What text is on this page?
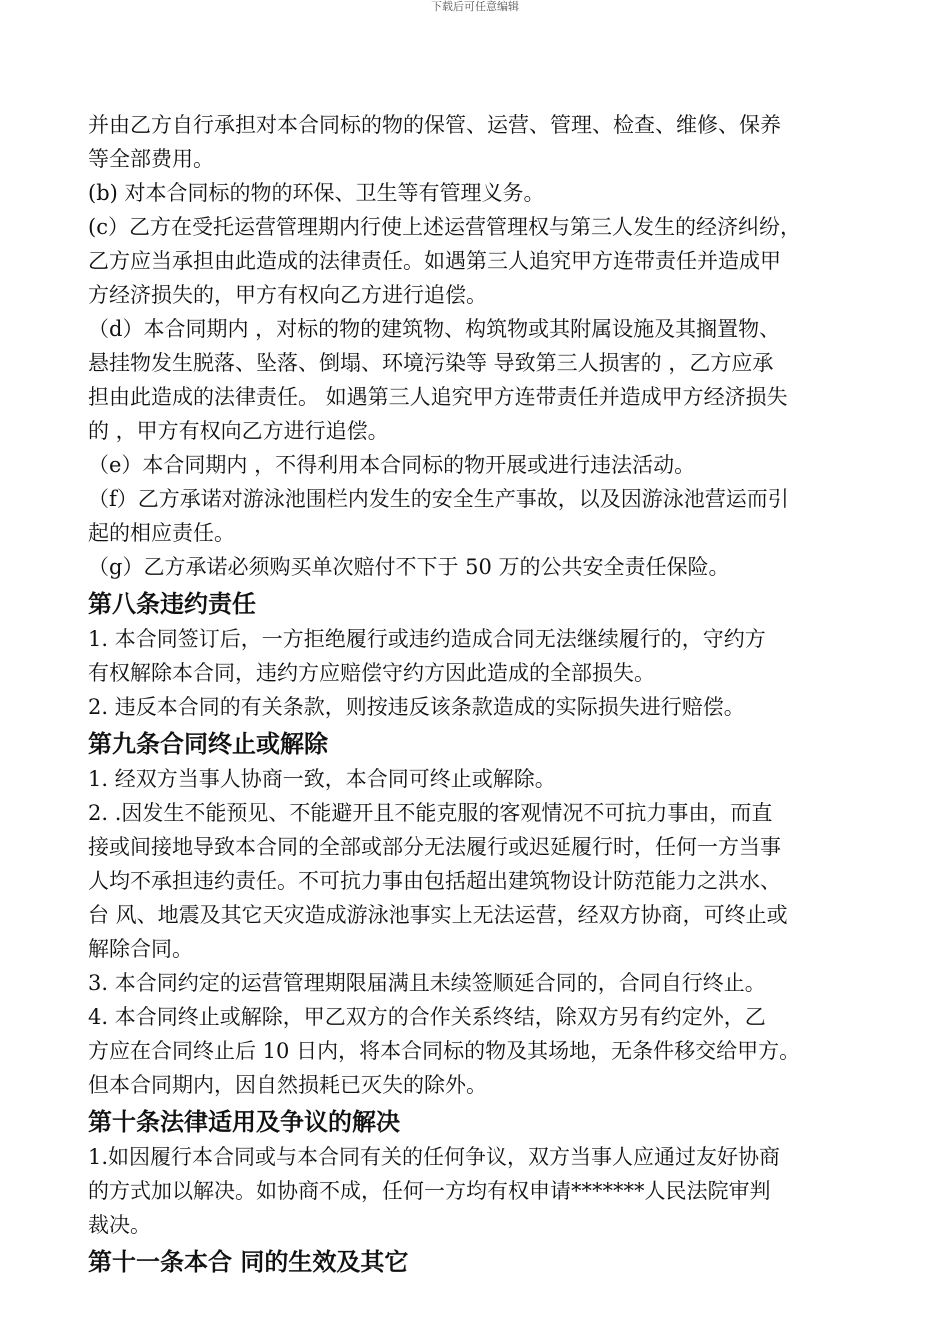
下载后可任意编辑

并由乙方自行承担对本合同标的物的保管、运营、管理、检查、维修、保养

等全部费用。

(b) 对本合同标的物的环保、卫生等有管理义务。

(c）乙方在受托运营管理期内行使上述运营管理权与第三人发生的经济纠纷，

乙方应当承担由此造成的法律责任。如遇第三人追究甲方连带责任并造成甲

方经济损失的，甲方有权向乙方进行追偿。

（d）本合同期内 ，对标的物的建筑物、构筑物或其附属设施及其搁置物、

悬挂物发生脱落、坠落、倒塌、环境污染等 导致第三人损害的 ，乙方应承

担由此造成的法律责任。 如遇第三人追究甲方连带责任并造成甲方经济损失

的 ，甲方有权向乙方进行追偿。

（e）本合同期内 ，不得利用本合同标的物开展或进行违法活动。

（f）乙方承诺对游泳池围栏内发生的安全生产事故，以及因游泳池营运而引

起的相应责任。

（g）乙方承诺必须购买单次赔付不下于 50 万的公共安全责任保险。

第八条违约责任

1. 本合同签订后，一方拒绝履行或违约造成合同无法继续履行的，守约方

有权解除本合同，违约方应赔偿守约方因此造成的全部损失。

2. 违反本合同的有关条款，则按违反该条款造成的实际损失进行赔偿。

第九条合同终止或解除

1. 经双方当事人协商一致，本合同可终止或解除。

2. .因发生不能预见、不能避开且不能克服的客观情况不可抗力事由，而直

接或间接地导致本合同的全部或部分无法履行或迟延履行时，任何一方当事

人均不承担违约责任。不可抗力事由包括超出建筑物设计防范能力之洪水、

台 风、地震及其它天灾造成游泳池事实上无法运营，经双方协商，可终止或

解除合同。

3. 本合同约定的运营管理期限届满且未续签顺延合同的，合同自行终止。

4. 本合同终止或解除，甲乙双方的合作关系终结，除双方另有约定外，乙

方应在合同终止后 10 日内，将本合同标的物及其场地，无条件移交给甲方。

但本合同期内，因自然损耗已灭失的除外。

第十条法律适用及争议的解决

1.如因履行本合同或与本合同有关的任何争议，双方当事人应通过友好协商

的方式加以解决。如协商不成，任何一方均有权申请*******人民法院审判

裁决。

第十一条本合 同的生效及其它
